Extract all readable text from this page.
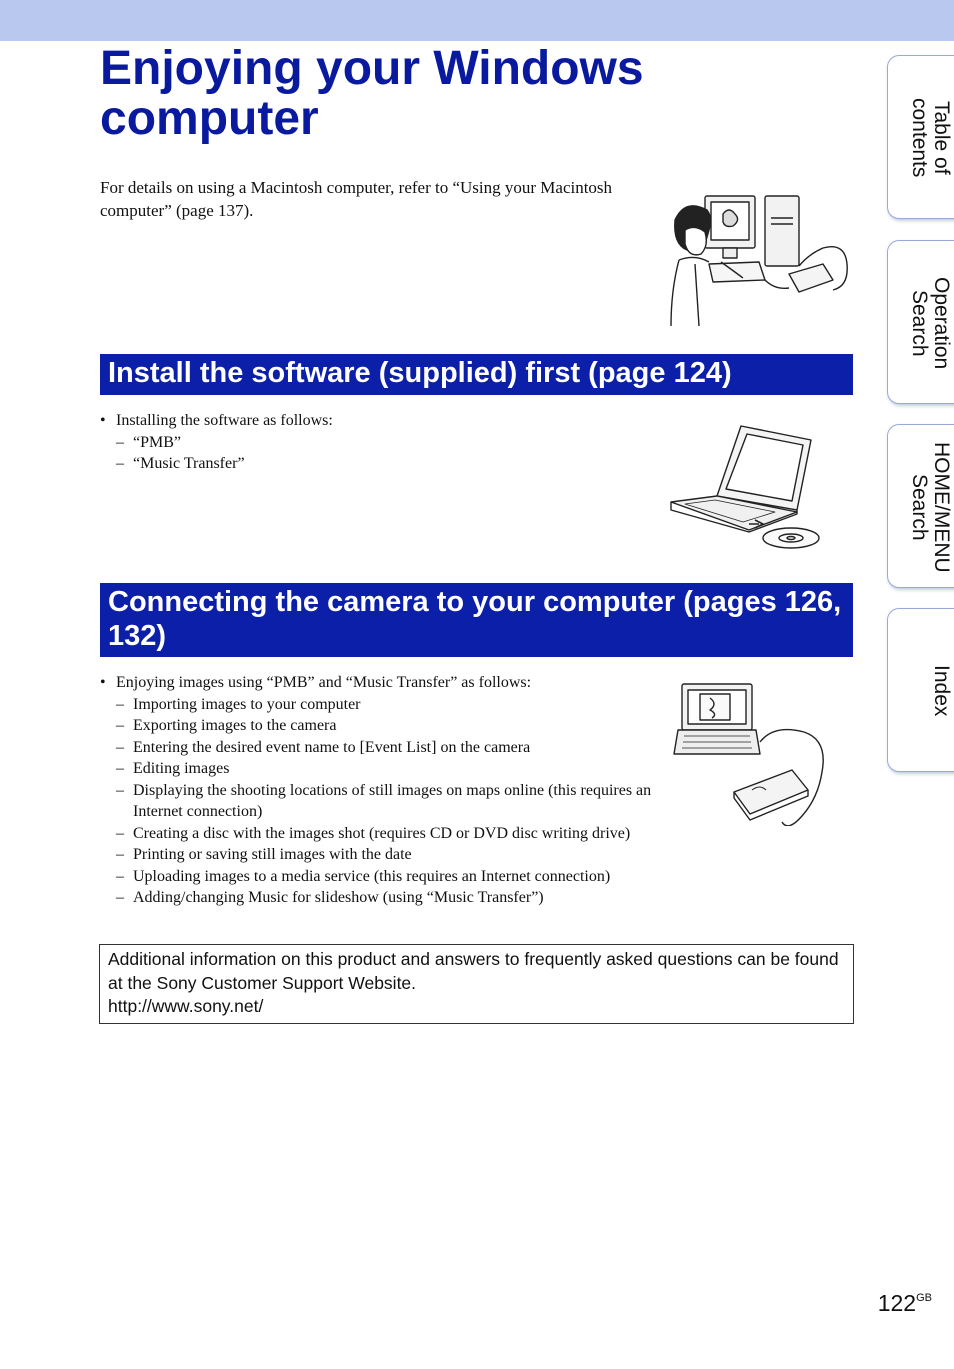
Enjoying your Windows computer

For details on using a Macintosh computer, refer to “Using your Macintosh computer” (page 137).

Install the software (supplied) first (page 124)
• Installing the software as follows:
– “PMB”
– “Music Transfer”
Connecting the camera to your computer (pages 126, 132)
• Enjoying images using “PMB” and “Music Transfer” as follows:
– Importing images to your computer
– Exporting images to the camera
– Entering the desired event name to [Event List] on the camera
– Editing images
– Displaying the shooting locations of still images on maps online (this requires an Internet connection)
– Creating a disc with the images shot (requires CD or DVD disc writing drive)
– Printing or saving still images with the date
– Uploading images to a media service (this requires an Internet connection)
– Adding/changing Music for slideshow (using “Music Transfer”)
Additional information on this product and answers to frequently asked questions can be found at the Sony Customer Support Website.
http://www.sony.net/
Table of
contents
Operation
Search
HOME/MENU
Search
Index
$122^{GB}$
